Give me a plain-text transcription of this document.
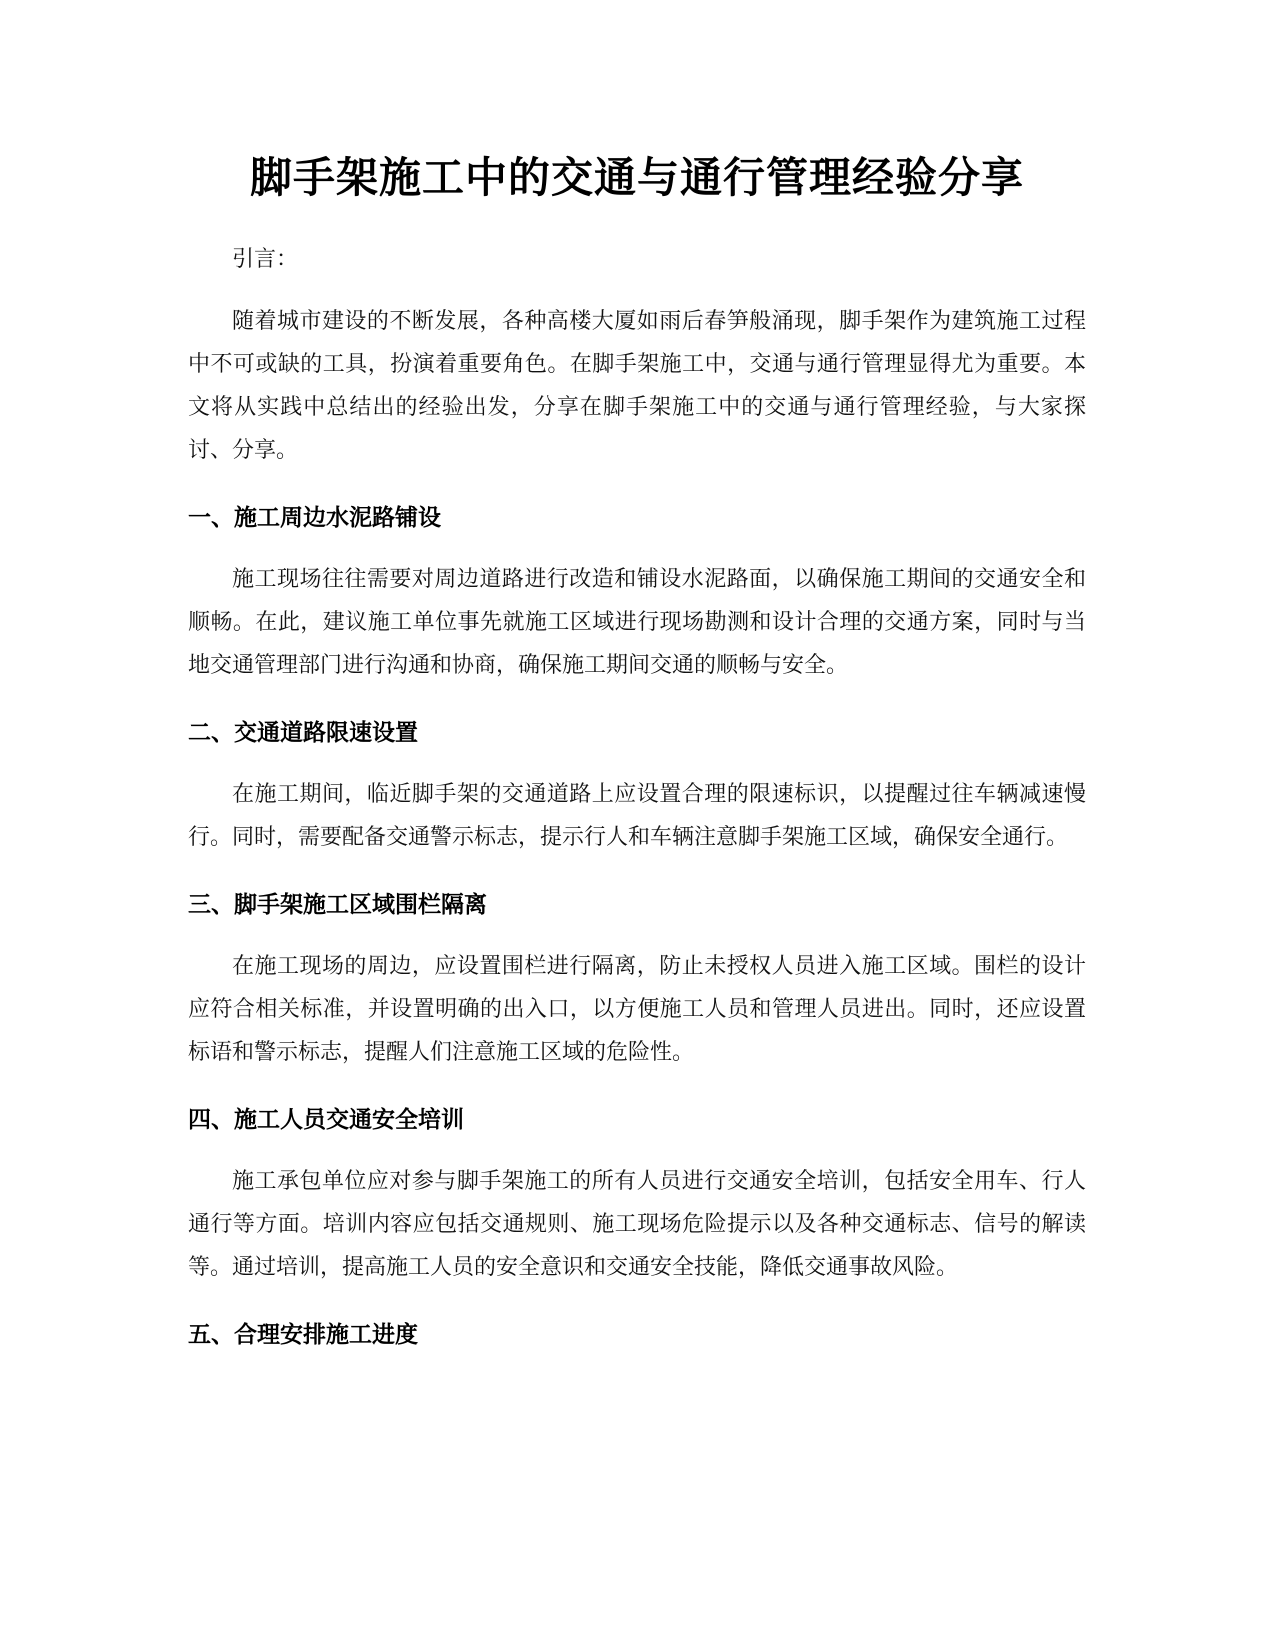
脚手架施工中的交通与通行管理经验分享

引言：

随着城市建设的不断发展，各种高楼大厦如雨后春笋般涌现，脚手架作为建筑施工过程中不可或缺的工具，扮演着重要角色。在脚手架施工中，交通与通行管理显得尤为重要。本文将从实践中总结出的经验出发，分享在脚手架施工中的交通与通行管理经验，与大家探讨、分享。

一、施工周边水泥路铺设

施工现场往往需要对周边道路进行改造和铺设水泥路面，以确保施工期间的交通安全和顺畅。在此，建议施工单位事先就施工区域进行现场勘测和设计合理的交通方案，同时与当地交通管理部门进行沟通和协商，确保施工期间交通的顺畅与安全。

二、交通道路限速设置

在施工期间，临近脚手架的交通道路上应设置合理的限速标识，以提醒过往车辆减速慢行。同时，需要配备交通警示标志，提示行人和车辆注意脚手架施工区域，确保安全通行。

三、脚手架施工区域围栏隔离

在施工现场的周边，应设置围栏进行隔离，防止未授权人员进入施工区域。围栏的设计应符合相关标准，并设置明确的出入口，以方便施工人员和管理人员进出。同时，还应设置标语和警示标志，提醒人们注意施工区域的危险性。

四、施工人员交通安全培训

施工承包单位应对参与脚手架施工的所有人员进行交通安全培训，包括安全用车、行人通行等方面。培训内容应包括交通规则、施工现场危险提示以及各种交通标志、信号的解读等。通过培训，提高施工人员的安全意识和交通安全技能，降低交通事故风险。

五、合理安排施工进度
